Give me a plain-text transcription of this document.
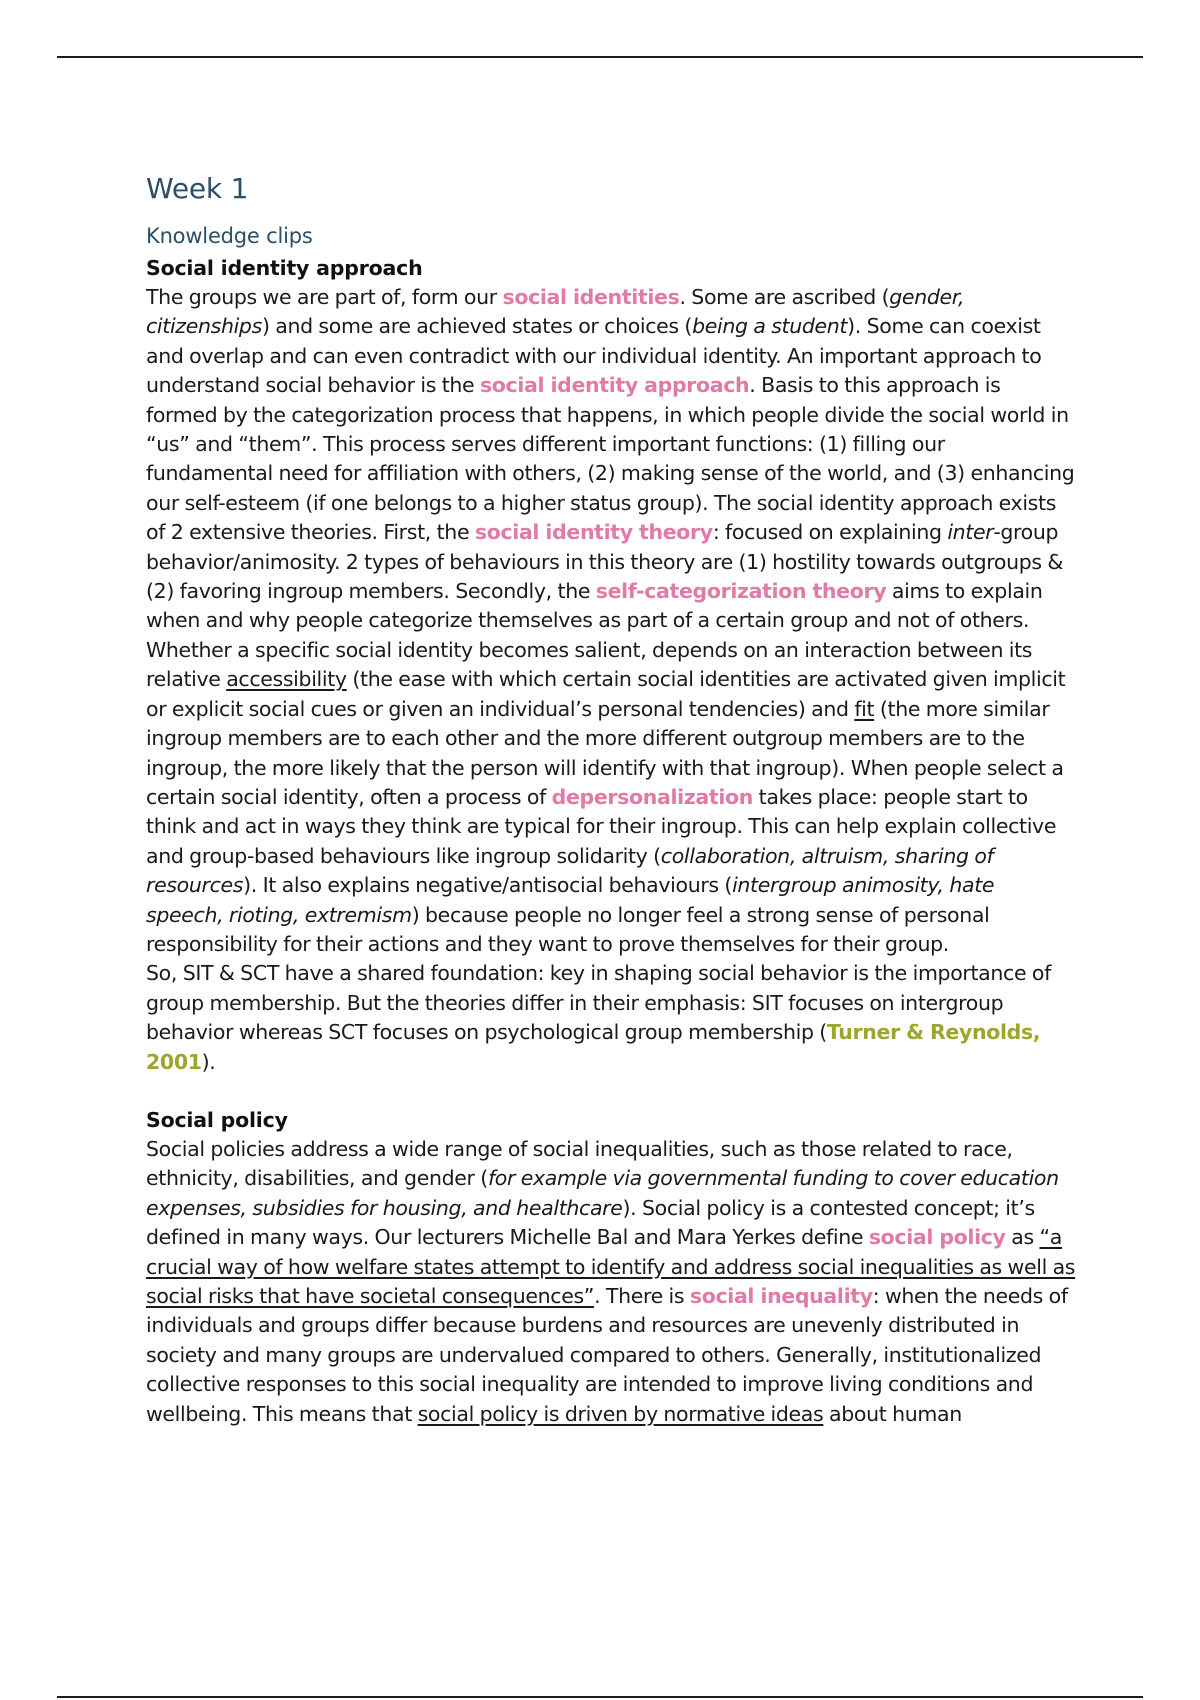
Week 1
Knowledge clips
Social identity approach

The groups we are part of, form our social identities. Some are ascribed (gender, citizenships) and some are achieved states or choices (being a student). Some can coexist and overlap and can even contradict with our individual identity. An important approach to understand social behavior is the social identity approach. Basis to this approach is formed by the categorization process that happens, in which people divide the social world in “us” and “them”. This process serves different important functions: (1) filling our fundamental need for affiliation with others, (2) making sense of the world, and (3) enhancing our self-esteem (if one belongs to a higher status group). The social identity approach exists of 2 extensive theories. First, the social identity theory: focused on explaining inter-group behavior/animosity. 2 types of behaviours in this theory are (1) hostility towards outgroups & (2) favoring ingroup members. Secondly, the self-categorization theory aims to explain when and why people categorize themselves as part of a certain group and not of others. Whether a specific social identity becomes salient, depends on an interaction between its relative accessibility (the ease with which certain social identities are activated given implicit or explicit social cues or given an individual’s personal tendencies) and fit (the more similar ingroup members are to each other and the more different outgroup members are to the ingroup, the more likely that the person will identify with that ingroup). When people select a certain social identity, often a process of depersonalization takes place: people start to think and act in ways they think are typical for their ingroup. This can help explain collective and group-based behaviours like ingroup solidarity (collaboration, altruism, sharing of resources). It also explains negative/antisocial behaviours (intergroup animosity, hate speech, rioting, extremism) because people no longer feel a strong sense of personal responsibility for their actions and they want to prove themselves for their group.

So, SIT & SCT have a shared foundation: key in shaping social behavior is the importance of group membership. But the theories differ in their emphasis: SIT focuses on intergroup behavior whereas SCT focuses on psychological group membership (Turner & Reynolds, 2001).

Social policy

Social policies address a wide range of social inequalities, such as those related to race, ethnicity, disabilities, and gender (for example via governmental funding to cover education expenses, subsidies for housing, and healthcare). Social policy is a contested concept; it’s defined in many ways. Our lecturers Michelle Bal and Mara Yerkes define social policy as “a crucial way of how welfare states attempt to identify and address social inequalities as well as social risks that have societal consequences”. There is social inequality: when the needs of individuals and groups differ because burdens and resources are unevenly distributed in society and many groups are undervalued compared to others. Generally, institutionalized collective responses to this social inequality are intended to improve living conditions and wellbeing. This means that social policy is driven by normative ideas about human
